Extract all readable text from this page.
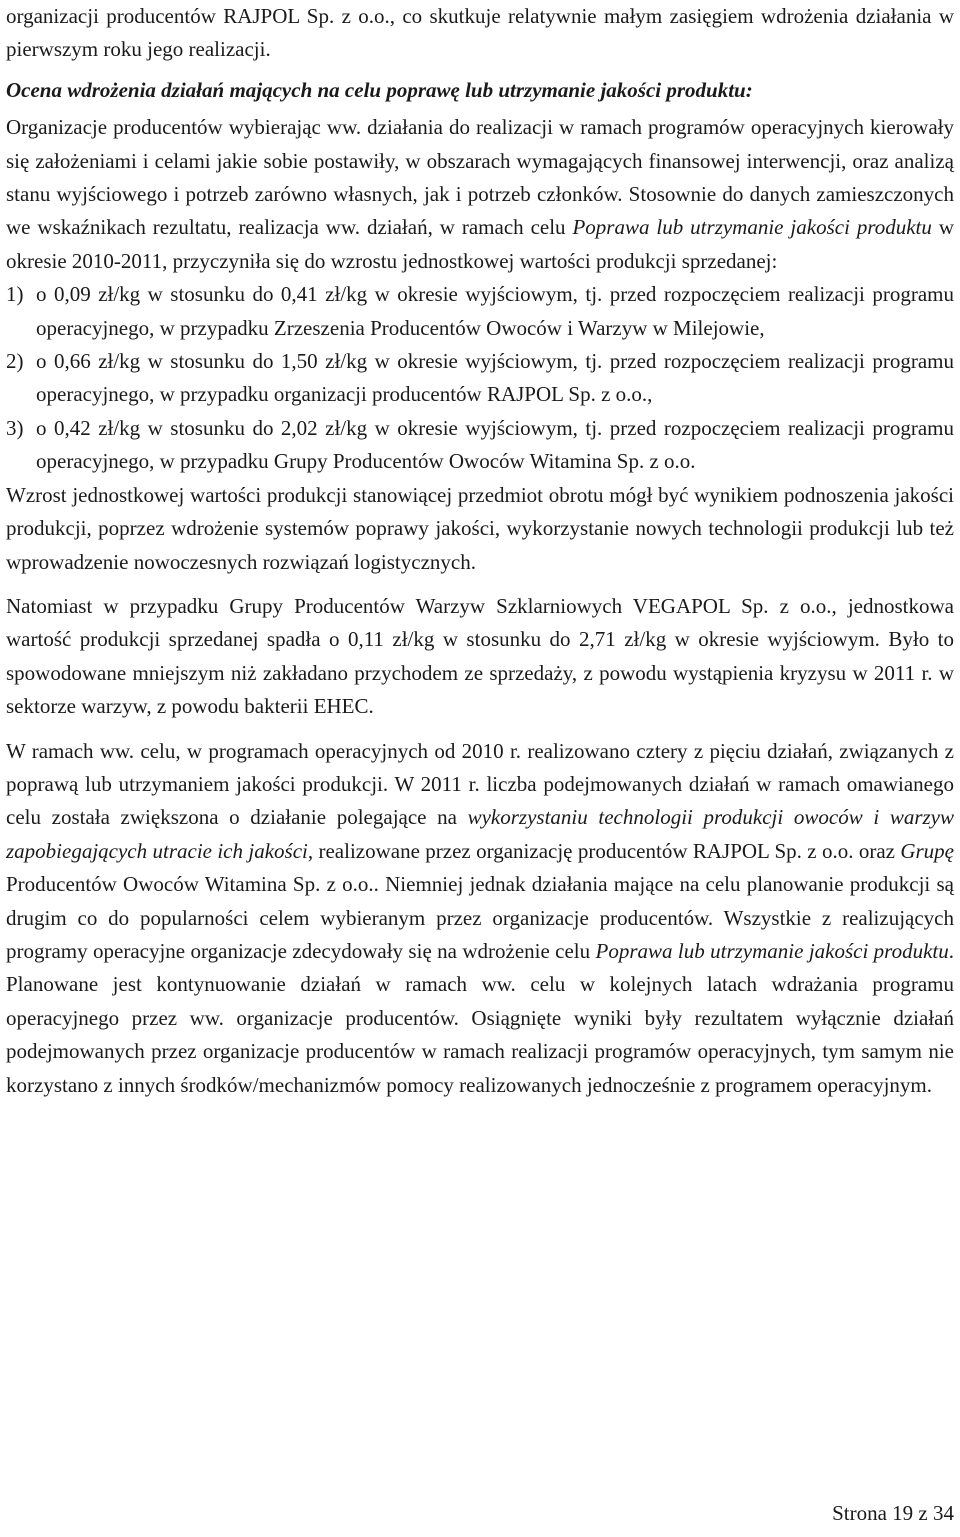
organizacji producentów RAJPOL Sp. z o.o., co skutkuje relatywnie małym zasięgiem wdrożenia działania w pierwszym roku jego realizacji.

Ocena wdrożenia działań mających na celu poprawę lub utrzymanie jakości produktu:

Organizacje producentów wybierając ww. działania do realizacji w ramach programów operacyjnych kierowały się założeniami i celami jakie sobie postawiły, w obszarach wymagających finansowej interwencji, oraz analizą stanu wyjściowego i potrzeb zarówno własnych, jak i potrzeb członków. Stosownie do danych zamieszczonych we wskaźnikach rezultatu, realizacja ww. działań, w ramach celu Poprawa lub utrzymanie jakości produktu w okresie 2010-2011, przyczyniła się do wzrostu jednostkowej wartości produkcji sprzedanej:

1) o 0,09 zł/kg w stosunku do 0,41 zł/kg w okresie wyjściowym, tj. przed rozpoczęciem realizacji programu operacyjnego, w przypadku Zrzeszenia Producentów Owoców i Warzyw w Milejowie,
2) o 0,66 zł/kg w stosunku do 1,50 zł/kg w okresie wyjściowym, tj. przed rozpoczęciem realizacji programu operacyjnego, w przypadku organizacji producentów RAJPOL Sp. z o.o.,
3) o 0,42 zł/kg w stosunku do 2,02 zł/kg w okresie wyjściowym, tj. przed rozpoczęciem realizacji programu operacyjnego, w przypadku Grupy Producentów Owoców Witamina Sp. z o.o.

Wzrost jednostkowej wartości produkcji stanowiącej przedmiot obrotu mógł być wynikiem podnoszenia jakości produkcji, poprzez wdrożenie systemów poprawy jakości, wykorzystanie nowych technologii produkcji lub też wprowadzenie nowoczesnych rozwiązań logistycznych.

Natomiast w przypadku Grupy Producentów Warzyw Szklarniowych VEGAPOL Sp. z o.o., jednostkowa wartość produkcji sprzedanej spadła o 0,11 zł/kg w stosunku do 2,71 zł/kg w okresie wyjściowym. Było to spowodowane mniejszym niż zakładano przychodem ze sprzedaży, z powodu wystąpienia kryzysu w 2011 r. w sektorze warzyw, z powodu bakterii EHEC.

W ramach ww. celu, w programach operacyjnych od 2010 r. realizowano cztery z pięciu działań, związanych z poprawą lub utrzymaniem jakości produkcji. W 2011 r. liczba podejmowanych działań w ramach omawianego celu została zwiększona o działanie polegające na wykorzystaniu technologii produkcji owoców i warzyw zapobiegających utracie ich jakości, realizowane przez organizację producentów RAJPOL Sp. z o.o. oraz Grupę Producentów Owoców Witamina Sp. z o.o.. Niemniej jednak działania mające na celu planowanie produkcji są drugim co do popularności celem wybieranym przez organizacje producentów. Wszystkie z realizujących programy operacyjne organizacje zdecydowały się na wdrożenie celu Poprawa lub utrzymanie jakości produktu. Planowane jest kontynuowanie działań w ramach ww. celu w kolejnych latach wdrażania programu operacyjnego przez ww. organizacje producentów. Osiągnięte wyniki były rezultatem wyłącznie działań podejmowanych przez organizacje producentów w ramach realizacji programów operacyjnych, tym samym nie korzystano z innych środków/mechanizmów pomocy realizowanych jednocześnie z programem operacyjnym.

Strona 19 z 34
